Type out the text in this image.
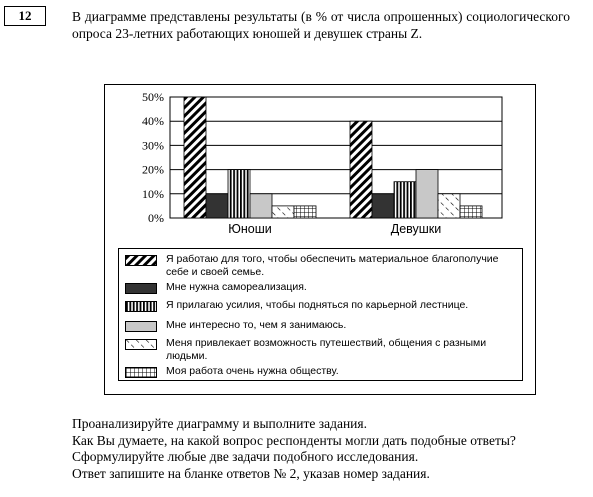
12	В диаграмме представлены результаты (в % от числа опрошенных) социологического опроса 23-летних работающих юношей и девушек страны Z.
50%
40%
30%
20%
10%
0%
Юноши	Девушки
Я работаю для того, чтобы обеспечить материальное благополучие себе и своей семье.
Мне нужна самореализация.
Я прилагаю усилия, чтобы подняться по карьерной лестнице.
Мне интересно то, чем я занимаюсь.
Меня привлекает возможность путешествий, общения с разными людьми.
Моя работа очень нужна обществу.
Проанализируйте диаграмму и выполните задания.
Как Вы думаете, на какой вопрос респонденты могли дать подобные ответы?
Сформулируйте любые две задачи подобного исследования.
Ответ запишите на бланке ответов № 2, указав номер задания.
